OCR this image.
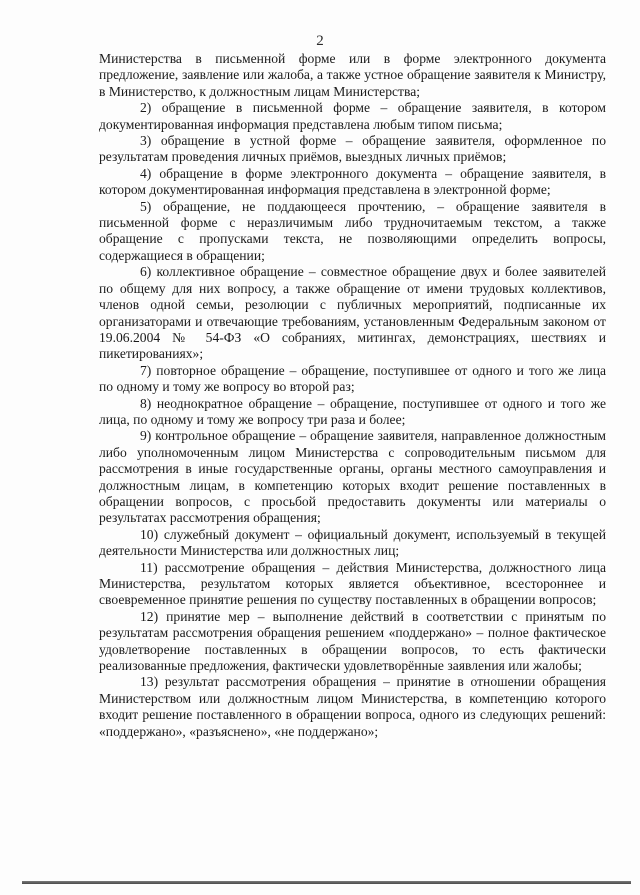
2

Министерства в письменной форме или в форме электронного документа предложение, заявление или жалоба, а также устное обращение заявителя к Министру, в Министерство, к должностным лицам Министерства;

2) обращение в письменной форме – обращение заявителя, в котором документированная информация представлена любым типом письма;

3) обращение в устной форме – обращение заявителя, оформленное по результатам проведения личных приёмов, выездных личных приёмов;

4) обращение в форме электронного документа – обращение заявителя, в котором документированная информация представлена в электронной форме;

5) обращение, не поддающееся прочтению, – обращение заявителя в письменной форме с неразличимым либо трудночитаемым текстом, а также обращение с пропусками текста, не позволяющими определить вопросы, содержащиеся в обращении;

6) коллективное обращение – совместное обращение двух и более заявителей по общему для них вопросу, а также обращение от имени трудовых коллективов, членов одной семьи, резолюции с публичных мероприятий, подписанные их организаторами и отвечающие требованиям, установленным Федеральным законом от 19.06.2004 № 54-ФЗ «О собраниях, митингах, демонстрациях, шествиях и пикетированиях»;

7) повторное обращение – обращение, поступившее от одного и того же лица по одному и тому же вопросу во второй раз;

8) неоднократное обращение – обращение, поступившее от одного и того же лица, по одному и тому же вопросу три раза и более;

9) контрольное обращение – обращение заявителя, направленное должностным либо уполномоченным лицом Министерства с сопроводительным письмом для рассмотрения в иные государственные органы, органы местного самоуправления и должностным лицам, в компетенцию которых входит решение поставленных в обращении вопросов, с просьбой предоставить документы или материалы о результатах рассмотрения обращения;

10) служебный документ – официальный документ, используемый в текущей деятельности Министерства или должностных лиц;

11) рассмотрение обращения – действия Министерства, должностного лица Министерства, результатом которых является объективное, всестороннее и своевременное принятие решения по существу поставленных в обращении вопросов;

12) принятие мер – выполнение действий в соответствии с принятым по результатам рассмотрения обращения решением «поддержано» – полное фактическое удовлетворение поставленных в обращении вопросов, то есть фактически реализованные предложения, фактически удовлетворённые заявления или жалобы;

13) результат рассмотрения обращения – принятие в отношении обращения Министерством или должностным лицом Министерства, в компетенцию которого входит решение поставленного в обращении вопроса, одного из следующих решений: «поддержано», «разъяснено», «не поддержано»;
